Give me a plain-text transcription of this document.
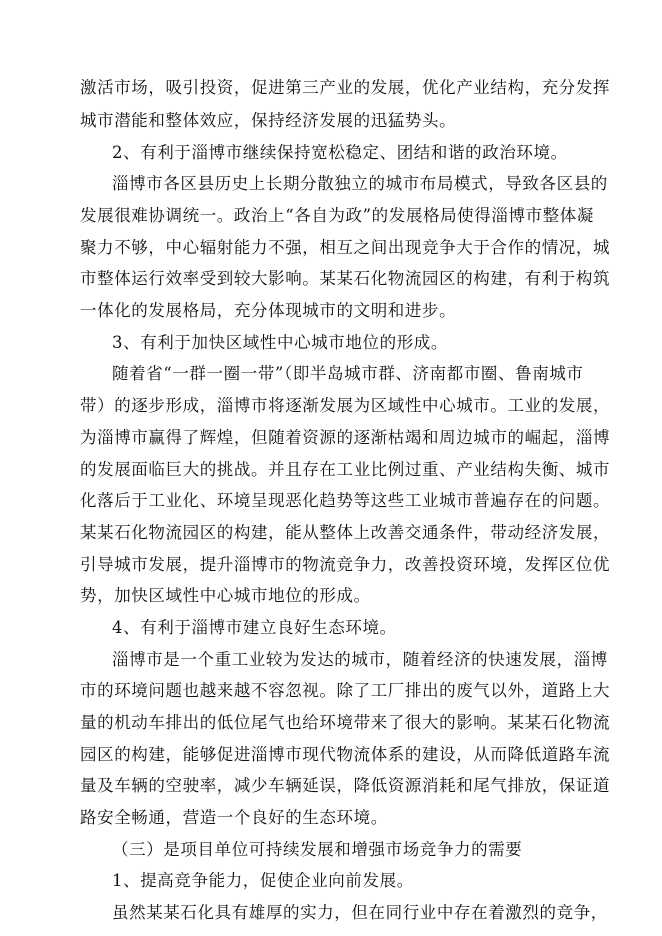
激活市场，吸引投资，促进第三产业的发展，优化产业结构，充分发挥
城市潜能和整体效应，保持经济发展的迅猛势头。
2、有利于淄博市继续保持宽松稳定、团结和谐的政治环境。
淄博市各区县历史上长期分散独立的城市布局模式，导致各区县的
发展很难协调统一。政治上“各自为政”的发展格局使得淄博市整体凝
聚力不够，中心辐射能力不强，相互之间出现竞争大于合作的情况，城
市整体运行效率受到较大影响。某某石化物流园区的构建，有利于构筑
一体化的发展格局，充分体现城市的文明和进步。
3、有利于加快区域性中心城市地位的形成。
随着省“一群一圈一带”（即半岛城市群、济南都市圈、鲁南城市
带）的逐步形成，淄博市将逐渐发展为区域性中心城市。工业的发展，
为淄博市赢得了辉煌，但随着资源的逐渐枯竭和周边城市的崛起，淄博
的发展面临巨大的挑战。并且存在工业比例过重、产业结构失衡、城市
化落后于工业化、环境呈现恶化趋势等这些工业城市普遍存在的问题。
某某石化物流园区的构建，能从整体上改善交通条件，带动经济发展，
引导城市发展，提升淄博市的物流竞争力，改善投资环境，发挥区位优
势，加快区域性中心城市地位的形成。
4、有利于淄博市建立良好生态环境。
淄博市是一个重工业较为发达的城市，随着经济的快速发展，淄博
市的环境问题也越来越不容忽视。除了工厂排出的废气以外，道路上大
量的机动车排出的低位尾气也给环境带来了很大的影响。某某石化物流
园区的构建，能够促进淄博市现代物流体系的建设，从而降低道路车流
量及车辆的空驶率，减少车辆延误，降低资源消耗和尾气排放，保证道
路安全畅通，营造一个良好的生态环境。
（三）是项目单位可持续发展和增强市场竞争力的需要
1、提高竞争能力，促使企业向前发展。
虽然某某石化具有雄厚的实力，但在同行业中存在着激烈的竞争，
